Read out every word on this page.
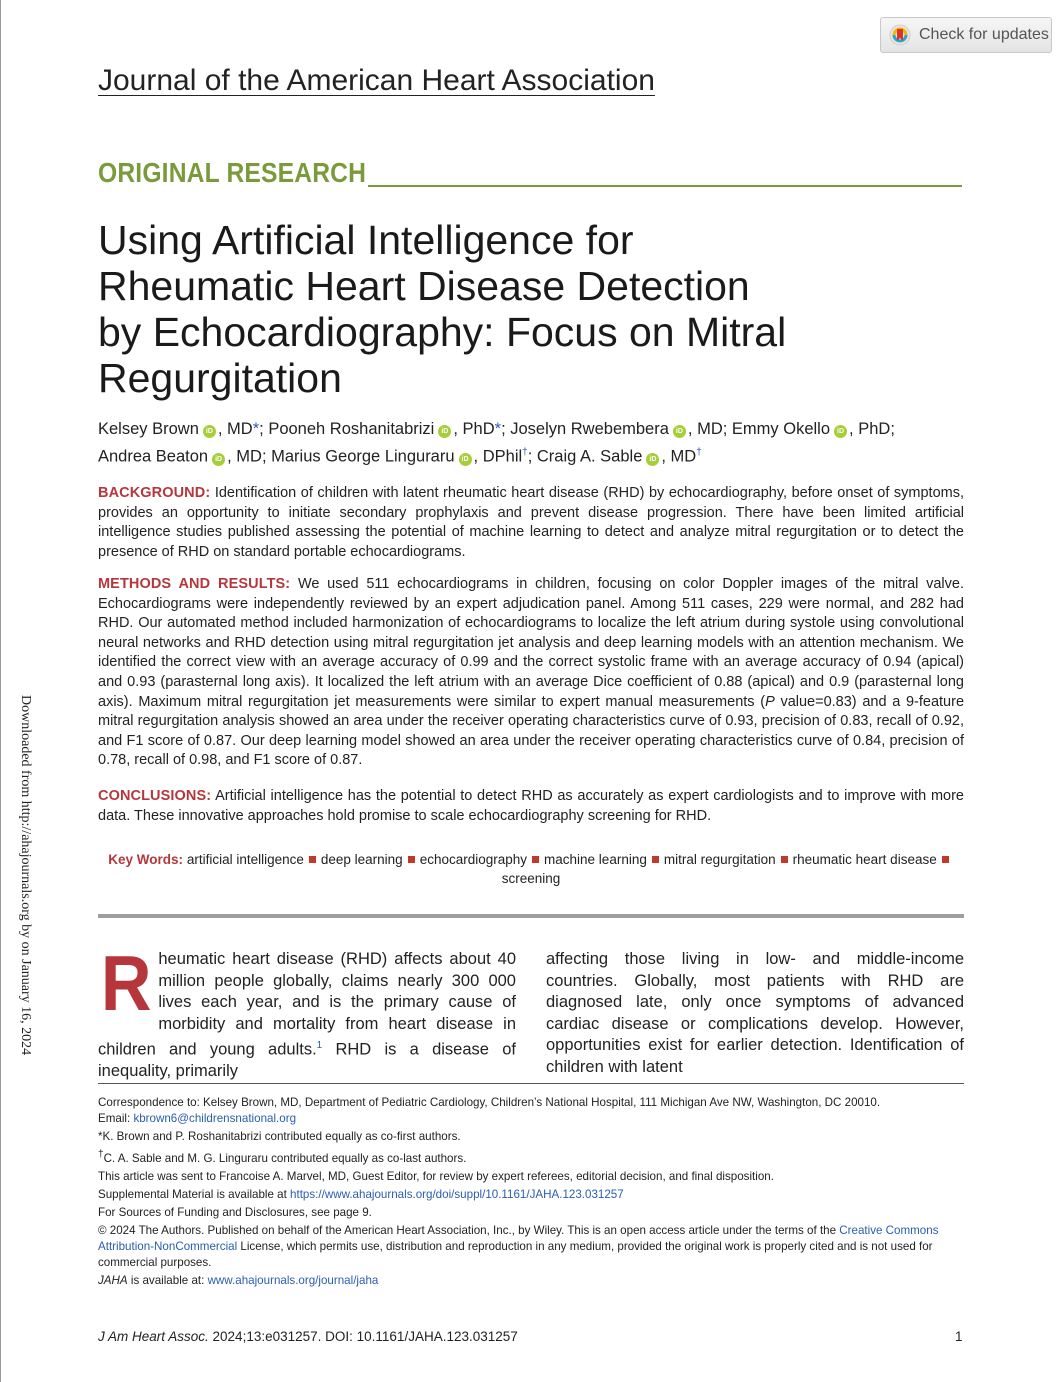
Check for updates
Journal of the American Heart Association
ORIGINAL RESEARCH
Using Artificial Intelligence for
Rheumatic Heart Disease Detection
by Echocardiography: Focus on Mitral
Regurgitation
Kelsey Brown iD , MD*; Pooneh Roshanitabrizi iD , PhD*; Joselyn Rwebembera iD , MD; Emmy Okello iD , PhD;
Andrea Beaton iD , MD; Marius George Linguraru iD , DPhil†; Craig A. Sable iD , MD†
BACKGROUND: Identification of children with latent rheumatic heart disease (RHD) by echocardiography, before onset of symptoms, provides an opportunity to initiate secondary prophylaxis and prevent disease progression. There have been limited artificial intelligence studies published assessing the potential of machine learning to detect and analyze mitral regurgitation or to detect the presence of RHD on standard portable echocardiograms.
METHODS AND RESULTS: We used 511 echocardiograms in children, focusing on color Doppler images of the mitral valve. Echocardiograms were independently reviewed by an expert adjudication panel. Among 511 cases, 229 were normal, and 282 had RHD. Our automated method included harmonization of echocardiograms to localize the left atrium during systole using convolutional neural networks and RHD detection using mitral regurgitation jet analysis and deep learning models with an attention mechanism. We identified the correct view with an average accuracy of 0.99 and the correct systolic frame with an average accuracy of 0.94 (apical) and 0.93 (parasternal long axis). It localized the left atrium with an average Dice coefficient of 0.88 (apical) and 0.9 (parasternal long axis). Maximum mitral regurgitation jet measurements were similar to expert manual measurements (P value=0.83) and a 9-feature mitral regurgitation analysis showed an area under the receiver operating characteristics curve of 0.93, precision of 0.83, recall of 0.92, and F1 score of 0.87. Our deep learning model showed an area under the receiver operating characteristics curve of 0.84, precision of 0.78, recall of 0.98, and F1 score of 0.87.
CONCLUSIONS: Artificial intelligence has the potential to detect RHD as accurately as expert cardiologists and to improve with more data. These innovative approaches hold promise to scale echocardiography screening for RHD.
Key Words: artificial intelligence deep learning echocardiography machine learning mitral regurgitation rheumatic heart diseasescreening
Downloaded from http://ahajournals.org by on January 16, 2024 Rheumatic heart disease (RHD) affects about 40 million people globally, claims nearly 300 000 lives each year, and is the primary cause of morbidity and mortality from heart disease in children and young adults.$^1$ RHD is a disease of inequality, primarily
affecting those living in low- and middle-income countries. Globally, most patients with RHD are diagnosed late, only once symptoms of advanced cardiac disease or complications develop. However, opportunities exist for earlier detection. Identification of children with latent

Correspondence to: Kelsey Brown, MD, Department of Pediatric Cardiology, Children’s National Hospital, 111 Michigan Ave NW, Washington, DC 20010.
Email: kbrown6@childrensnational.org

*K. Brown and P. Roshanitabrizi contributed equally as co-first authors.

†C. A. Sable and M. G. Linguraru contributed equally as co-last authors.

This article was sent to Francoise A. Marvel, MD, Guest Editor, for review by expert referees, editorial decision, and final disposition.

Supplemental Material is available at https://www.ahajournals.org/doi/suppl/10.1161/JAHA.123.031257

For Sources of Funding and Disclosures, see page 9.

© 2024 The Authors. Published on behalf of the American Heart Association, Inc., by Wiley. This is an open access article under the terms of the Creative Commons Attribution-NonCommercial License, which permits use, distribution and reproduction in any medium, provided the original work is properly cited and is not used for commercial purposes.

JAHA is available at: www.ahajournals.org/journal/jaha

J Am Heart Assoc. 2024;13:e031257. DOI: 10.1161/JAHA.123.031257	1
